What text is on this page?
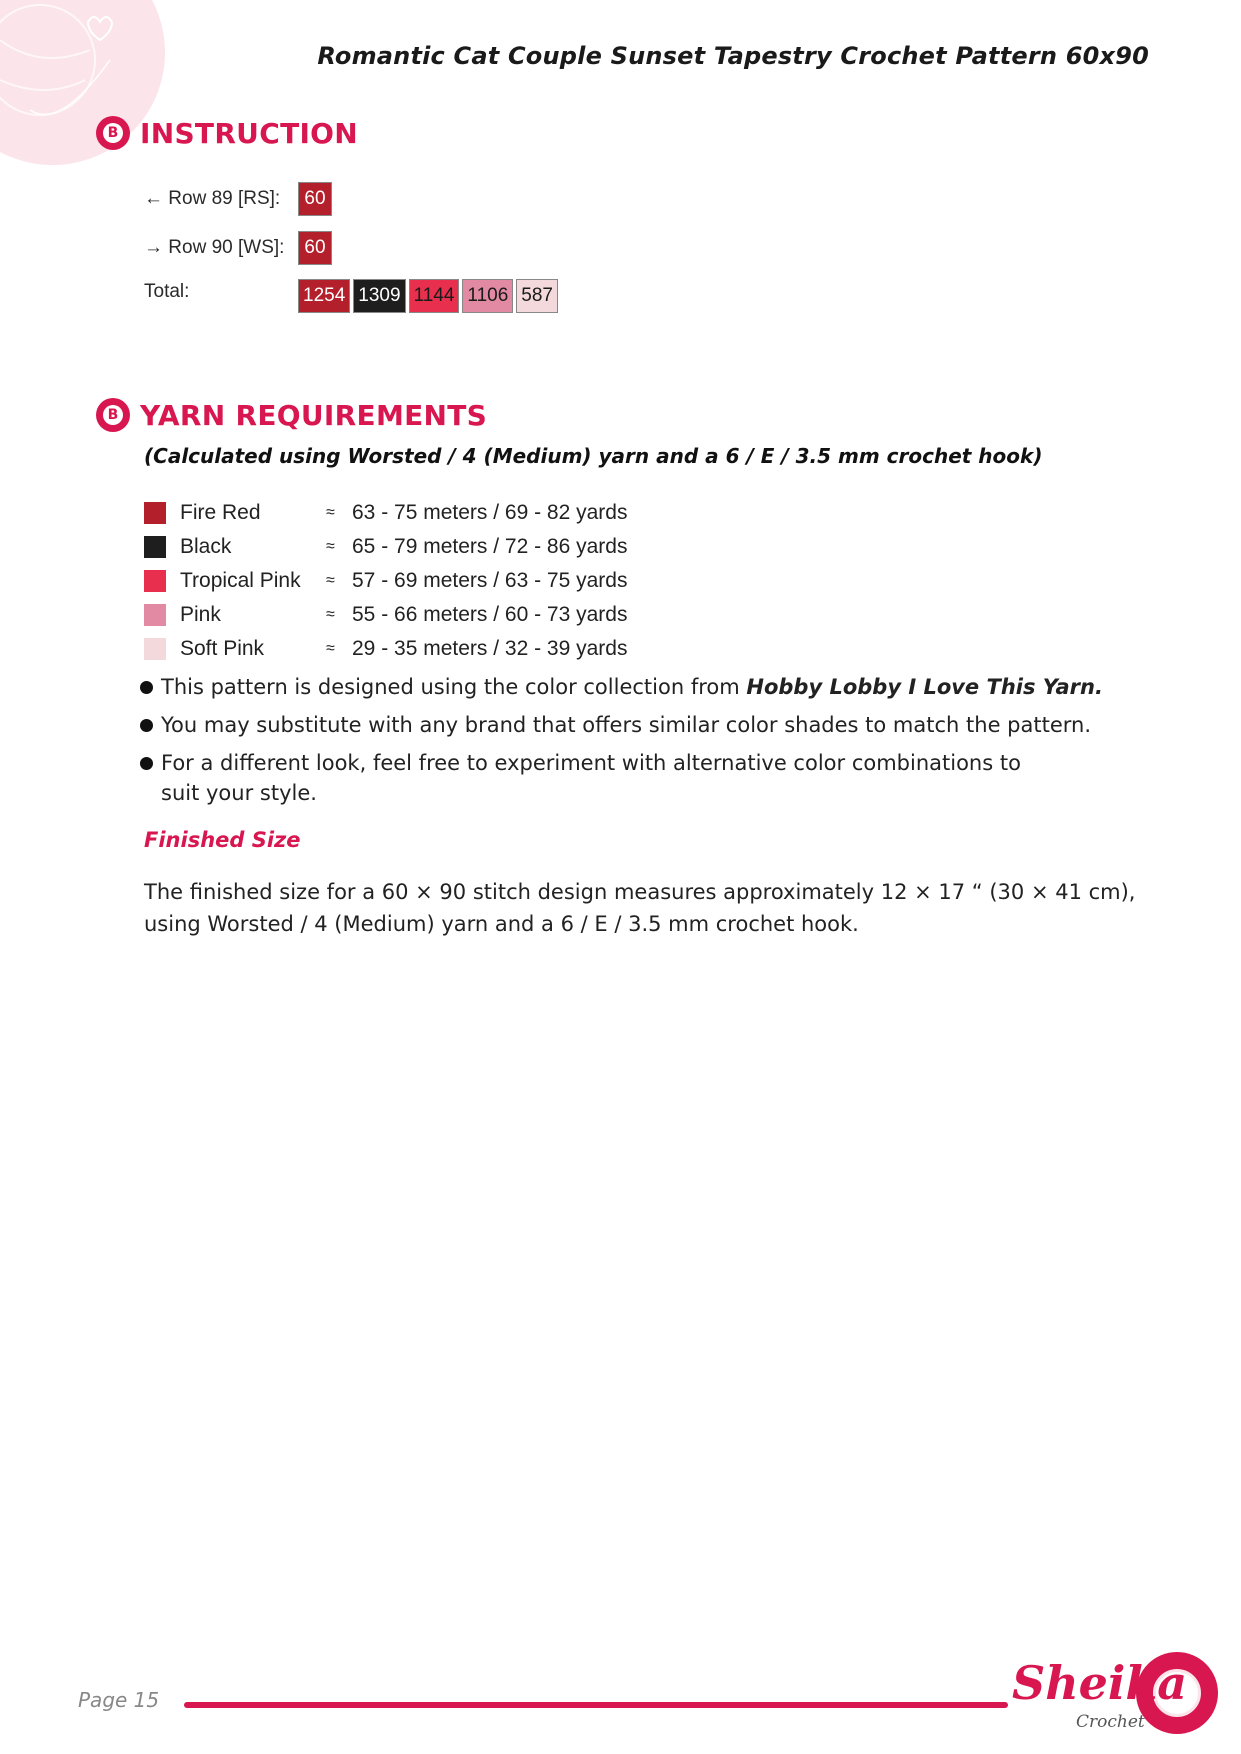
Romantic Cat Couple Sunset Tapestry Crochet Pattern 60x90
B INSTRUCTION
← Row 89 [RS]:	60
→ Row 90 [WS]:	60
Total:	1254 1309 1144 1106 587
B YARN REQUIREMENTS
(Calculated using Worsted / 4 (Medium) yarn and a 6 / E / 3.5 mm crochet hook)
Fire Red	≈ 63 - 75 meters / 69 - 82 yards
Black	≈ 65 - 79 meters / 72 - 86 yards
Tropical Pink	≈ 57 - 69 meters / 63 - 75 yards
Pink	≈ 55 - 66 meters / 60 - 73 yards
Soft Pink	≈ 29 - 35 meters / 32 - 39 yards
This pattern is designed using the color collection from Hobby Lobby I Love This Yarn.
You may substitute with any brand that offers similar color shades to match the pattern.
For a different look, feel free to experiment with alternative color combinations to suit your style.
Finished Size
The finished size for a 60 × 90 stitch design measures approximately 12 × 17 “ (30 × 41 cm), using Worsted / 4 (Medium) yarn and a 6 / E / 3.5 mm crochet hook.
Page 15	Sheika
Crochet
